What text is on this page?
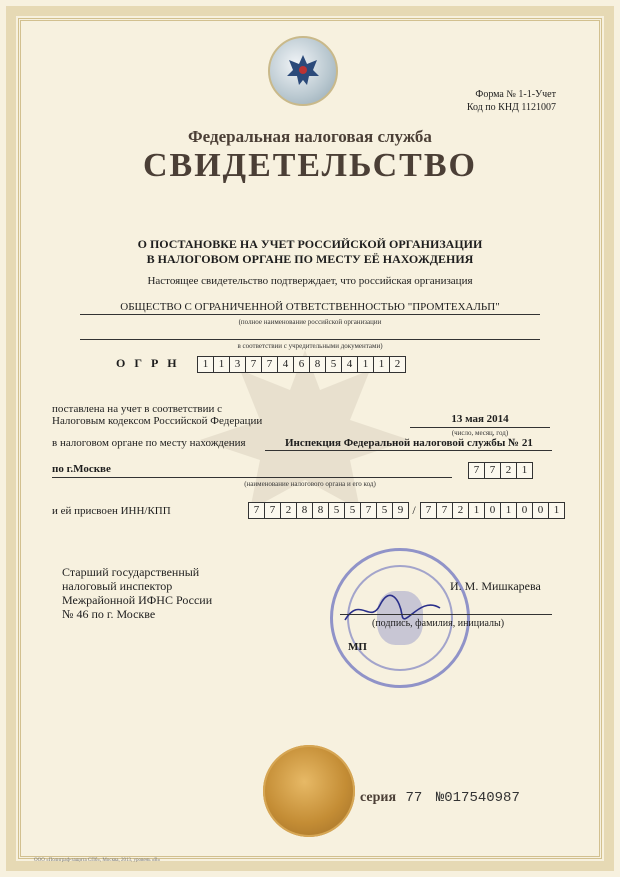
Форма № 1-1-Учет
Код по КНД 1121007
Федеральная налоговая служба
СВИДЕТЕЛЬСТВО
О ПОСТАНОВКЕ НА УЧЕТ РОССИЙСКОЙ ОРГАНИЗАЦИИ
В НАЛОГОВОМ ОРГАНЕ ПО МЕСТУ ЕЁ НАХОЖДЕНИЯ
Настоящее свидетельство подтверждает, что российская организация
ОБЩЕСТВО С ОГРАНИЧЕННОЙ ОТВЕТСТВЕННОСТЬЮ "ПРОМТЕХАЛЬП"
(полное наименование российской организации
в соответствии с учредительными документами)
ОГРН	1 1 3 7 7 4 6 8 5 4 1 1 2
поставлена на учет в соответствии с
Налоговым кодексом Российской Федерации	13 мая 2014
(число, месяц, год)
в налоговом органе по месту нахождения	Инспекция Федеральной налоговой службы № 21
по г.Москве	7 7 2 1
(наименование налогового органа и его код)
и ей присвоен ИНН/КПП	7 7 2 8 8 5 5 7 5 9 / 7 7 2 1 0 1 0 0 1
Старший государственный
налоговый инспектор
Межрайонной ИФНС России
№ 46 по г. Москве
И. М. Мишкарева
(подпись, фамилия, инициалы)
МП
серия 77 №017540987
ООО «Полиграф-защита СПб», Москва, 2013, уровень «В»
